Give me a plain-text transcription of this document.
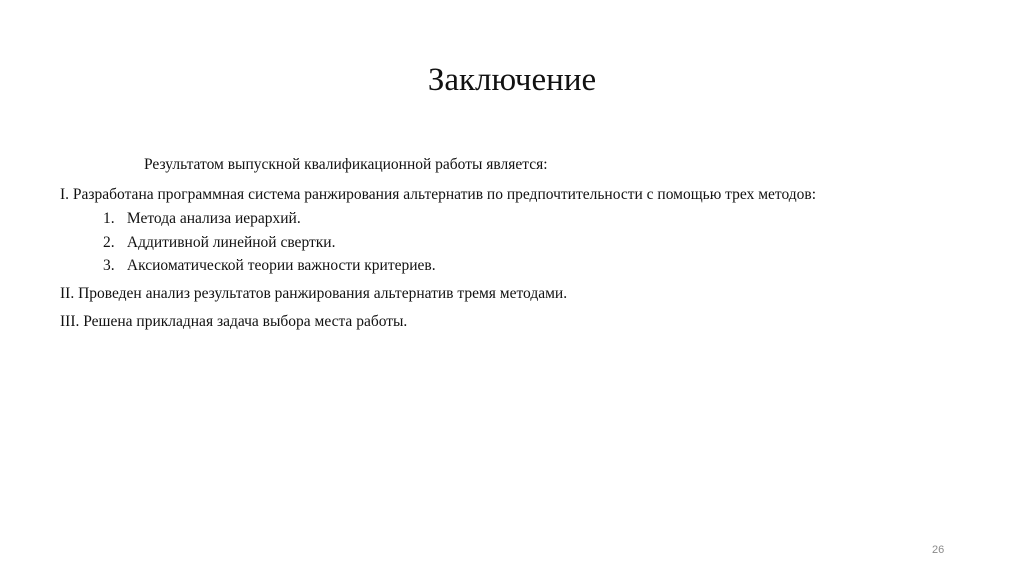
Заключение
Результатом выпускной квалификационной работы является:
I. Разработана программная система ранжирования альтернатив по предпочтительности с помощью трех методов:
1. Метода анализа иерархий.
2. Аддитивной линейной свертки.
3. Аксиоматической теории важности критериев.
II. Проведен анализ результатов ранжирования альтернатив тремя методами.
III. Решена прикладная задача выбора места работы.
26
